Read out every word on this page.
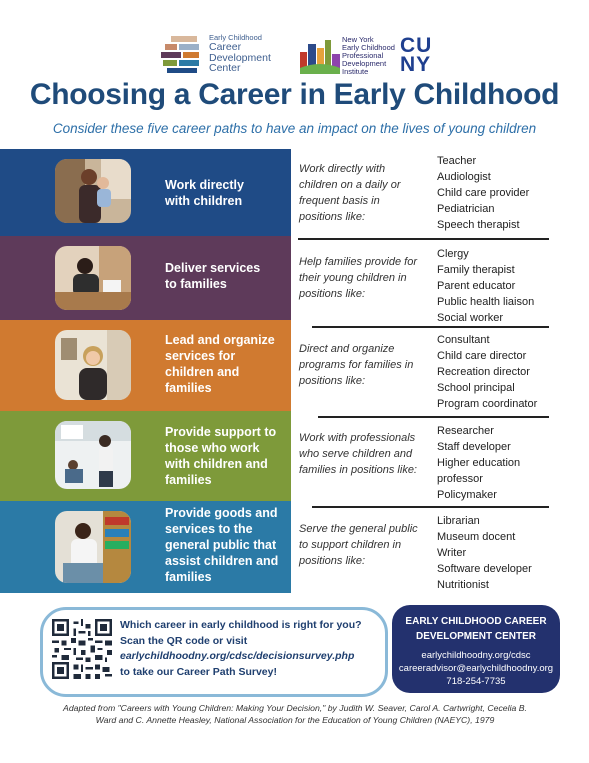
Early Childhood
Career
Development
Center
New York
Early Childhood
Professional
Development
Institute
CU
NY
Choosing a Career in Early Childhood
Consider these five career paths to have an impact on the lives of young children
Work directly
with children
Deliver services
to families
Lead and organize
services for
children and
families
Provide support to
those who work
with children and
families
Provide goods and
services to the
general public that
assist children and
families
Work directly with
children on a daily or
frequent basis in
positions like:
Help families provide for
their young children in
positions like:
Direct and organize
programs for families in
positions like:
Work with professionals
who serve children and
families in positions like:
Serve the general public
to support children in
positions like:
Teacher
Audiologist
Child care provider
Pediatrician
Speech therapist
Clergy
Family therapist
Parent educator
Public health liaison
Social worker
Consultant
Child care director
Recreation director
School principal
Program coordinator
Researcher
Staff developer
Higher education
professor
Policymaker
Librarian
Museum docent
Writer
Software developer
Nutritionist
Which career in early childhood is right for you?
Scan the QR code or visit
earlychildhoodny.org/cdsc/decisionsurvey.php
to take our Career Path Survey!
EARLY CHILDHOOD CAREER
DEVELOPMENT CENTER
earlychildhoodny.org/cdsc
careeradvisor@earlychildhoodny.org
718-254-7735
Adapted from "Careers with Young Children: Making Your Decision," by Judith W. Seaver, Carol A. Cartwright, Cecelia B.
Ward and C. Annette Heasley, National Association for the Education of Young Children (NAEYC), 1979
